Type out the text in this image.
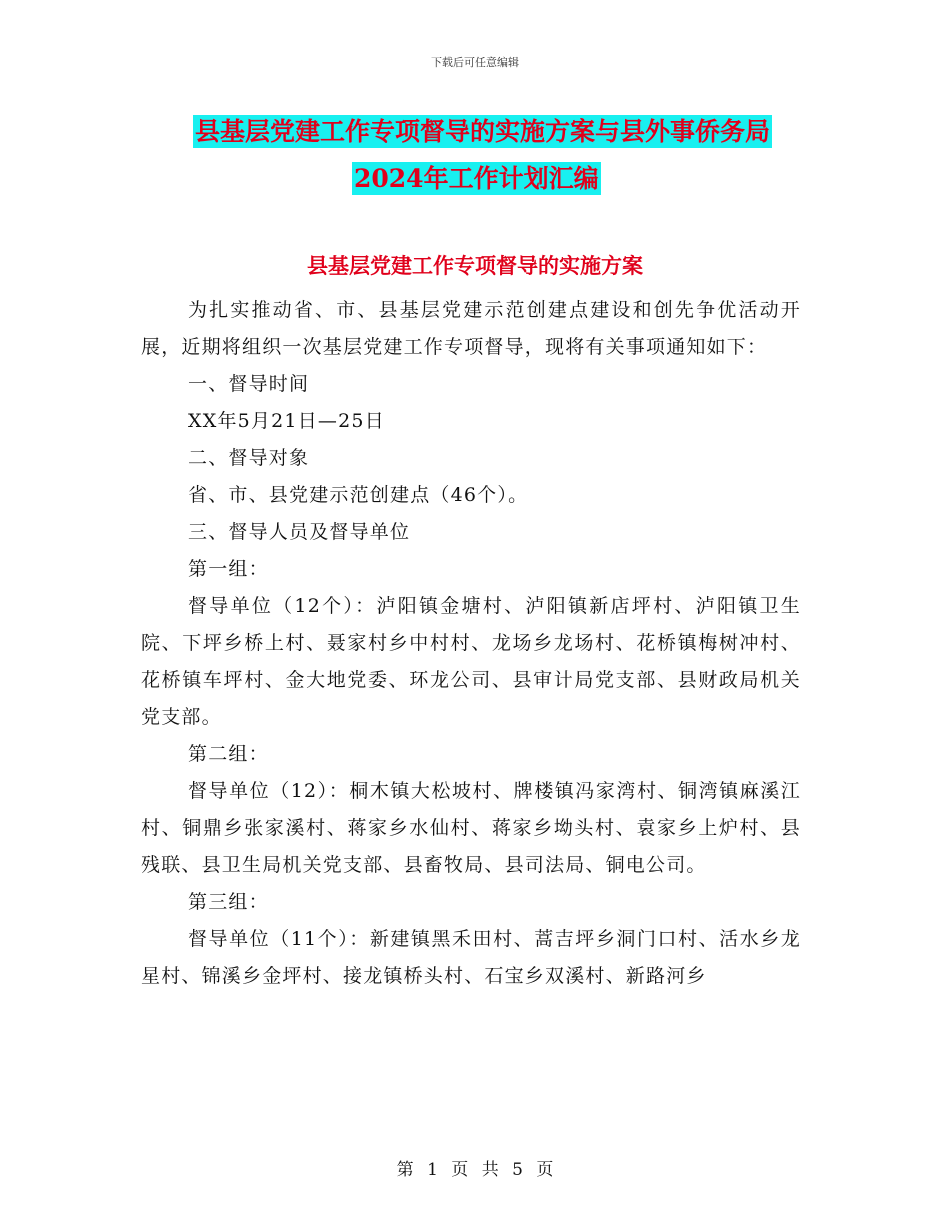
下载后可任意编辑
县基层党建工作专项督导的实施方案与县外事侨务局
2024年工作计划汇编
县基层党建工作专项督导的实施方案

为扎实推动省、市、县基层党建示范创建点建设和创先争优活动开展，近期将组织一次基层党建工作专项督导，现将有关事项通知如下：

一、督导时间

XX年5月21日—25日

二、督导对象

省、市、县党建示范创建点（46个）。

三、督导人员及督导单位

第一组：

督导单位（12个）：泸阳镇金塘村、泸阳镇新店坪村、泸阳镇卫生院、下坪乡桥上村、聂家村乡中村村、龙场乡龙场村、花桥镇梅树冲村、花桥镇车坪村、金大地党委、环龙公司、县审计局党支部、县财政局机关党支部。

第二组：

督导单位（12）：桐木镇大松坡村、牌楼镇冯家湾村、铜湾镇麻溪江村、铜鼎乡张家溪村、蒋家乡水仙村、蒋家乡坳头村、袁家乡上炉村、县残联、县卫生局机关党支部、县畜牧局、县司法局、铜电公司。

第三组：

督导单位（11个）：新建镇黑禾田村、蒿吉坪乡洞门口村、活水乡龙星村、锦溪乡金坪村、接龙镇桥头村、石宝乡双溪村、新路河乡

第 1 页 共 5 页
